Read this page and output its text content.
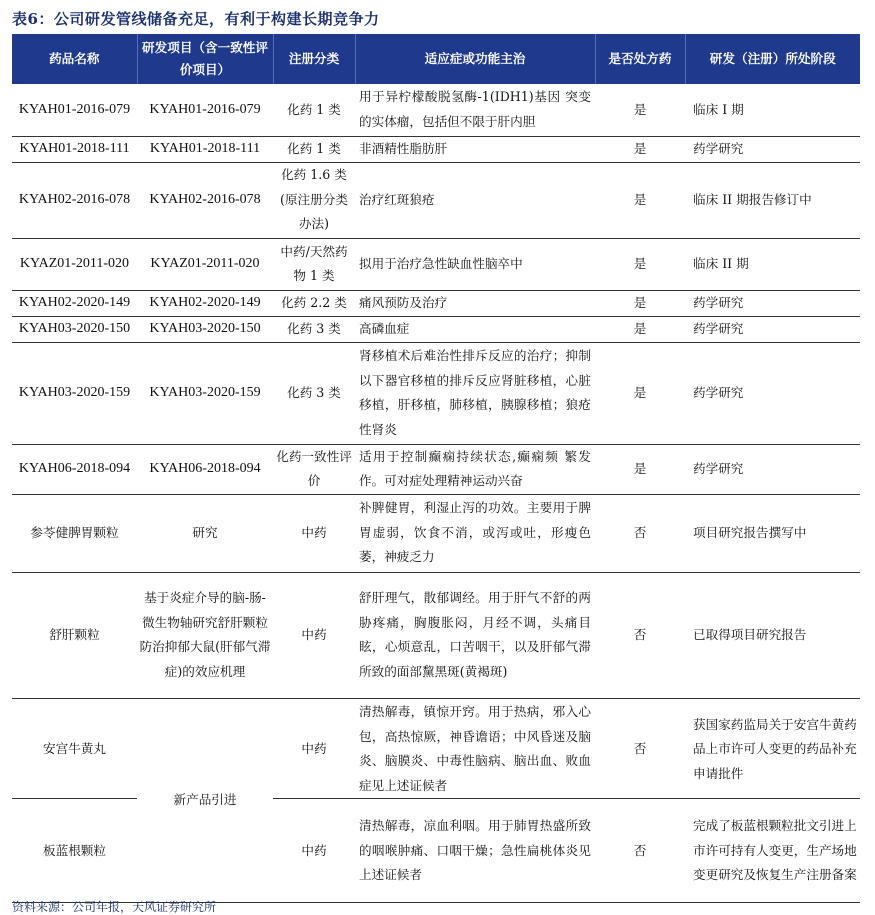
表6：公司研发管线储备充足，有利于构建长期竞争力
药品名称	研发项目（含一致性评价项目）	注册分类	适应症或功能主治	是否处方药	研发（注册）所处阶段
KYAH01-2016-079	KYAH01-2016-079	化药 1 类	用于异柠檬酸脱氢酶-1(IDH1)基因 突变的实体瘤，包括但不限于肝内胆	是	临床 I 期
KYAH01-2018-111	KYAH01-2018-111	化药 1 类	非酒精性脂肪肝	是	药学研究
KYAH02-2016-078	KYAH02-2016-078	化药 1.6 类 (原注册分类办法)	治疗红斑狼疮	是	临床 II 期报告修订中
KYAZ01-2011-020	KYAZ01-2011-020	中药/天然药物 1 类	拟用于治疗急性缺血性脑卒中	是	临床 II 期
KYAH02-2020-149	KYAH02-2020-149	化药 2.2 类	痛风预防及治疗	是	药学研究
KYAH03-2020-150	KYAH03-2020-150	化药 3 类	高磷血症	是	药学研究
KYAH03-2020-159	KYAH03-2020-159	化药 3 类	肾移植术后难治性排斥反应的治疗；抑制以下器官移植的排斥反应肾脏移植，心脏移植，肝移植，肺移植，胰腺移植；狼疮性肾炎	是	药学研究
KYAH06-2018-094	KYAH06-2018-094	化药一致性评价	适用于控制癫痫持续状态,癫痫频 繁发作。可对症处理精神运动兴奋	是	药学研究
参苓健脾胃颗粒	研究	中药	补脾健胃，利湿止泻的功效。主要用于脾胃虚弱，饮食不消，或泻或吐，形瘦色萎，神疲乏力	否	项目研究报告撰写中
舒肝颗粒	基于炎症介导的脑-肠-微生物轴研究舒肝颗粒防治抑郁大鼠(肝郁气滞症)的效应机理	中药	舒肝理气，散郁调经。用于肝气不舒的两胁疼痛，胸腹胀闷，月经不调，头痛目眩，心烦意乱，口苦咽干，以及肝郁气滞所致的面部黧黑斑(黄褐斑)	否	已取得项目研究报告
安宫牛黄丸	新产品引进	中药	清热解毒，镇惊开窍。用于热病，邪入心包，高热惊厥，神昏谵语；中风昏迷及脑炎、脑膜炎、中毒性脑病、脑出血、败血症见上述证候者	否	获国家药监局关于安宫牛黄药品上市许可人变更的药品补充申请批件
板蓝根颗粒		中药	清热解毒，凉血利咽。用于肺胃热盛所致的咽喉肿痛、口咽干燥；急性扁桃体炎见上述证候者	否	完成了板蓝根颗粒批文引进上市许可持有人变更，生产场地变更研究及恢复生产注册备案
资料来源：公司年报，天风证券研究所
